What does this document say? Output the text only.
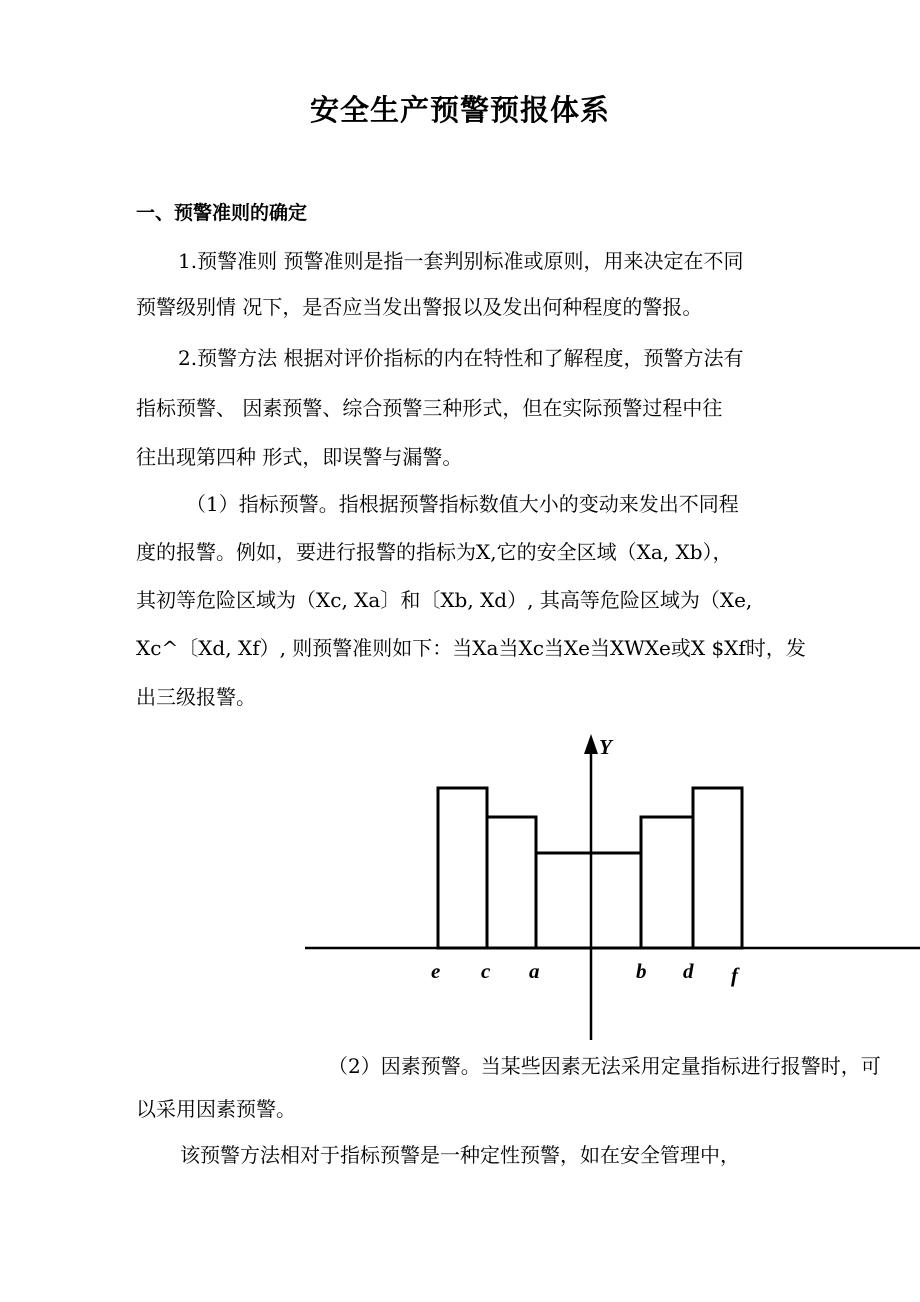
安全生产预警预报体系
一、预警准则的确定
1.预警准则 预警准则是指一套判别标准或原则，用来决定在不同
预警级别情 况下，是否应当发出警报以及发出何种程度的警报。
2.预警方法 根据对评价指标的内在特性和了解程度，预警方法有
指标预警、 因素预警、综合预警三种形式，但在实际预警过程中往
往出现第四种 形式，即误警与漏警。
（1）指标预警。指根据预警指标数值大小的变动来发出不同程
度的报警。例如，要进行报警的指标为X,它的安全区域（Xa, Xb），
其初等危险区域为（Xc, Xa〕和〔Xb, Xd）, 其高等危险区域为（Xe,
Xc^〔Xd, Xf）, 则预警准则如下：当Xa当Xc当Xe当XWXe或X $Xf时，发
出三级报警。
Y
e c a	b d f
（2）因素预警。当某些因素无法采用定量指标进行报警时，可
以采用因素预警。
该预警方法相对于指标预警是一种定性预警，如在安全管理中，
